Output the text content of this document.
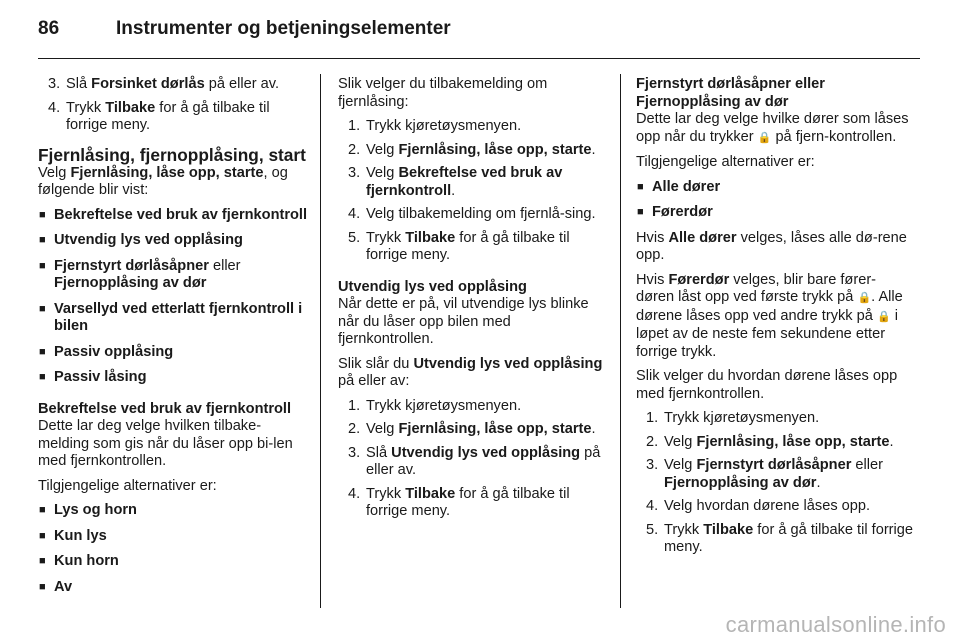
86	Instrumenter og betjeningselementer
3. Slå Forsinket dørlås på eller av.
4. Trykk Tilbake for å gå tilbake til forrige meny.
Fjernlåsing, fjernopplåsing, start

Velg Fjernlåsing, låse opp, starte, og følgende blir vist:

■ Bekreftelse ved bruk av fjernkontroll
■ Utvendig lys ved opplåsing
■ Fjernstyrt dørlåsåpner eller
Fjernopplåsing av dør
■ Varsellyd ved etterlatt fjernkontroll i bilen
■ Passiv opplåsing
■ Passiv låsing

Bekreftelse ved bruk av fjernkontroll

Dette lar deg velge hvilken tilbake-melding som gis når du låser opp bi-len med fjernkontrollen.

Tilgjengelige alternativer er:

■ Lys og horn
■ Kun lys
■ Kun horn
■ Av

Slik velger du tilbakemelding om fjernlåsing:

1. Trykk kjøretøysmenyen.
2. Velg Fjernlåsing, låse opp, starte.
3. Velg Bekreftelse ved bruk av fjernkontroll.
4. Velg tilbakemelding om fjernlå-sing.
5. Trykk Tilbake for å gå tilbake til forrige meny.

Utvendig lys ved opplåsing

Når dette er på, vil utvendige lys blinke når du låser opp bilen med fjernkontrollen.

Slik slår du Utvendig lys ved opplåsing på eller av:

1. Trykk kjøretøysmenyen.
2. Velg Fjernlåsing, låse opp, starte.
3. Slå Utvendig lys ved opplåsing på eller av.
4. Trykk Tilbake for å gå tilbake til forrige meny.

Fjernstyrt dørlåsåpner eller Fjernopplåsing av dør

Dette lar deg velge hvilke dører som låses opp når du trykker 🔒 på fjern-kontrollen.

Tilgjengelige alternativer er:

■ Alle dører
■ Førerdør

Hvis Alle dører velges, låses alle dø-rene opp.

Hvis Førerdør velges, blir bare fører-døren låst opp ved første trykk på 🔒. Alle dørene låses opp ved andre trykk på 🔒 i løpet av de neste fem sekundene etter forrige trykk.

Slik velger du hvordan dørene låses opp med fjernkontrollen.

1. Trykk kjøretøysmenyen.
2. Velg Fjernlåsing, låse opp, starte.
3. Velg Fjernstyrt dørlåsåpner eller
Fjernopplåsing av dør.
4. Velg hvordan dørene låses opp.
5. Trykk Tilbake for å gå tilbake til forrige meny.
carmanualsonline.info
